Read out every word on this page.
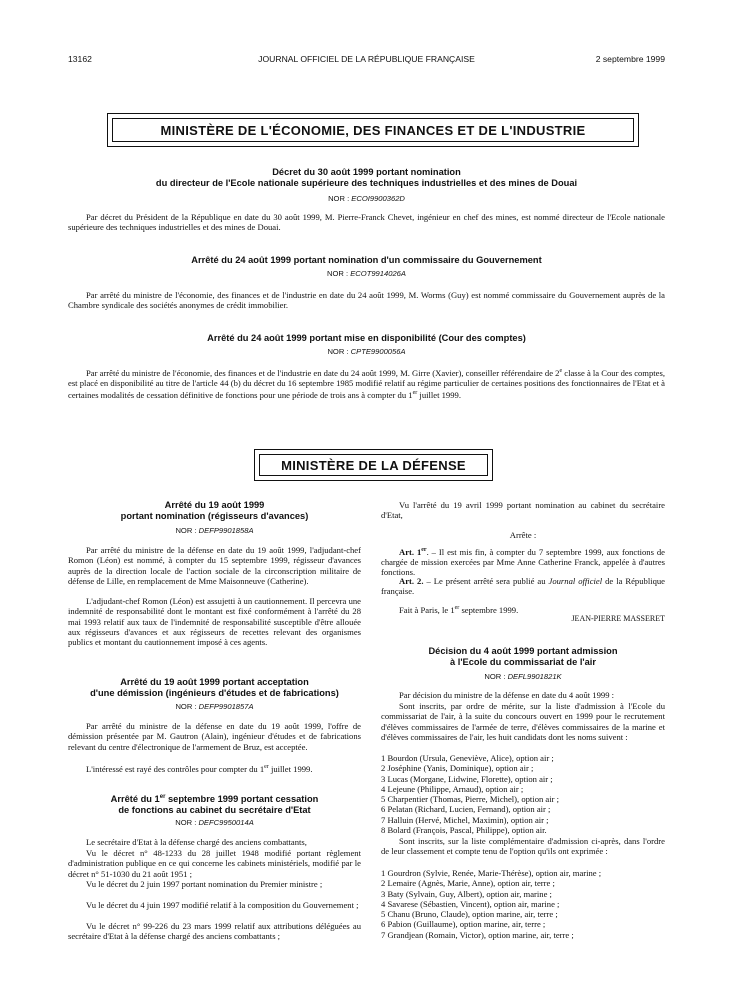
13162	JOURNAL OFFICIEL DE LA RÉPUBLIQUE FRANÇAISE	2 septembre 1999
MINISTÈRE DE L'ÉCONOMIE, DES FINANCES ET DE L'INDUSTRIE
Décret du 30 août 1999 portant nomination
du directeur de l'Ecole nationale supérieure des techniques industrielles et des mines de Douai
NOR : ECOI9900362D
Par décret du Président de la République en date du 30 août 1999, M. Pierre-Franck Chevet, ingénieur en chef des mines, est nommé directeur de l'Ecole nationale supérieure des techniques industrielles et des mines de Douai.
Arrêté du 24 août 1999 portant nomination d'un commissaire du Gouvernement
NOR : ECOT9914026A
Par arrêté du ministre de l'économie, des finances et de l'industrie en date du 24 août 1999, M. Worms (Guy) est nommé commissaire du Gouvernement auprès de la Chambre syndicale des sociétés anonymes de crédit immobilier.
Arrêté du 24 août 1999 portant mise en disponibilité (Cour des comptes)
NOR : CPTE9900056A
Par arrêté du ministre de l'économie, des finances et de l'industrie en date du 24 août 1999, M. Girre (Xavier), conseiller référendaire de 2e classe à la Cour des comptes, est placé en disponibilité au titre de l'article 44 (b) du décret du 16 septembre 1985 modifié relatif au régime particulier de certaines positions des fonctionnaires de l'Etat et à certaines modalités de cessation définitive de fonctions pour une période de trois ans à compter du 1er juillet 1999.
MINISTÈRE DE LA DÉFENSE
Arrêté du 19 août 1999
portant nomination (régisseurs d'avances)
NOR : DEFP9901858A
Par arrêté du ministre de la défense en date du 19 août 1999, l'adjudant-chef Romon (Léon) est nommé, à compter du 15 septembre 1999, régisseur d'avances auprès de la direction locale de l'action sociale de la circonscription militaire de défense de Lille, en remplacement de Mme Maisonneuve (Catherine).
L'adjudant-chef Romon (Léon) est assujetti à un cautionnement. Il percevra une indemnité de responsabilité dont le montant est fixé conformément à l'arrêté du 28 mai 1993 relatif aux taux de l'indemnité de responsabilité susceptible d'être allouée aux régisseurs d'avances et aux régisseurs de recettes relevant des organismes publics et montant du cautionnement imposé à ces agents.
Arrêté du 19 août 1999 portant acceptation
d'une démission (ingénieurs d'études et de fabrications)
NOR : DEFP9901857A
Par arrêté du ministre de la défense en date du 19 août 1999, l'offre de démission présentée par M. Gautron (Alain), ingénieur d'études et de fabrications relevant du centre d'électronique de l'armement de Bruz, est acceptée.
L'intéressé est rayé des contrôles pour compter du 1er juillet 1999.
Arrêté du 1er septembre 1999 portant cessation
de fonctions au cabinet du secrétaire d'Etat
NOR : DEFC9950014A
Le secrétaire d'Etat à la défense chargé des anciens combattants,
Vu le décret n° 48-1233 du 28 juillet 1948 modifié portant règlement d'administration publique en ce qui concerne les cabinets ministériels, modifié par le décret n° 51-1030 du 21 août 1951 ;
Vu le décret du 2 juin 1997 portant nomination du Premier ministre ;
Vu le décret du 4 juin 1997 modifié relatif à la composition du Gouvernement ;
Vu le décret n° 99-226 du 23 mars 1999 relatif aux attributions déléguées au secrétaire d'Etat à la défense chargé des anciens combattants ;
Vu l'arrêté du 19 avril 1999 portant nomination au cabinet du secrétaire d'Etat,
Arrête :
Art. 1er. – Il est mis fin, à compter du 7 septembre 1999, aux fonctions de chargée de mission exercées par Mme Anne Catherine Franck, appelée à d'autres fonctions.
Art. 2. – Le présent arrêté sera publié au Journal officiel de la République française.
Fait à Paris, le 1er septembre 1999.
JEAN-PIERRE MASSERET
Décision du 4 août 1999 portant admission
à l'Ecole du commissariat de l'air
NOR : DEFL9901821K
Par décision du ministre de la défense en date du 4 août 1999 :
Sont inscrits, par ordre de mérite, sur la liste d'admission à l'Ecole du commissariat de l'air, à la suite du concours ouvert en 1999 pour le recrutement d'élèves commissaires de l'armée de terre, d'élèves commissaires de la marine et d'élèves commissaires de l'air, les huit candidats dont les noms suivent :
1 Bourdon (Ursula, Geneviève, Alice), option air ;
2 Joséphine (Yanis, Dominique), option air ;
3 Lucas (Morgane, Lidwine, Florette), option air ;
4 Lejeune (Philippe, Arnaud), option air ;
5 Charpentier (Thomas, Pierre, Michel), option air ;
6 Pelatan (Richard, Lucien, Fernand), option air ;
7 Halluin (Hervé, Michel, Maximin), option air ;
8 Bolard (François, Pascal, Philippe), option air.
Sont inscrits, sur la liste complémentaire d'admission ci-après, dans l'ordre de leur classement et compte tenu de l'option qu'ils ont exprimée :
1 Gourdron (Sylvie, Renée, Marie-Thérèse), option air, marine ;
2 Lemaire (Agnès, Marie, Anne), option air, terre ;
3 Baty (Sylvain, Guy, Albert), option air, marine ;
4 Savarese (Sébastien, Vincent), option air, marine ;
5 Chanu (Bruno, Claude), option marine, air, terre ;
6 Pabion (Guillaume), option marine, air, terre ;
7 Grandjean (Romain, Victor), option marine, air, terre ;
